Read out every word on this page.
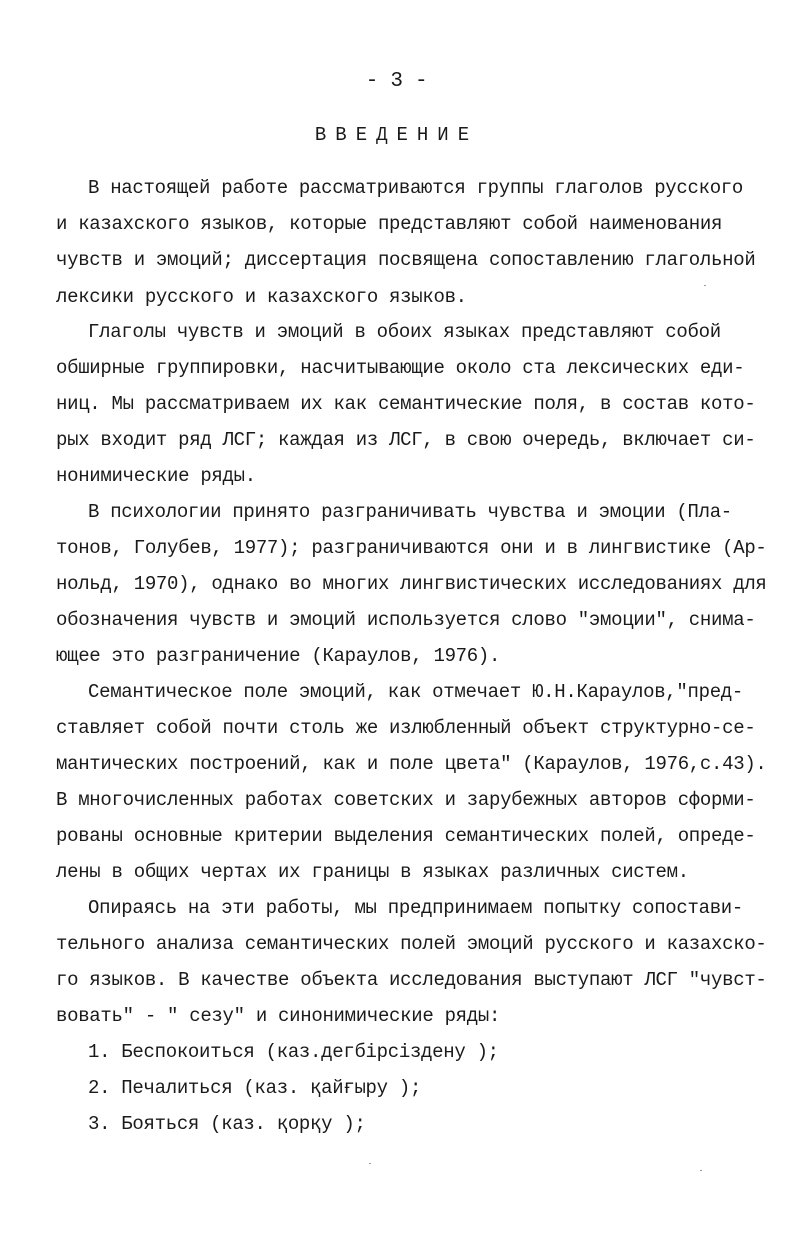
- 3 -
ВВЕДЕНИЕ
В настоящей работе рассматриваются группы глаголов русского
и казахского языков, которые представляют собой наименования
чувств и эмоций; диссертация посвящена сопоставлению глагольной
лексики русского и казахского языков.
Глаголы чувств и эмоций в обоих языках представляют собой
обширные группировки, насчитывающие около ста лексических еди-
ниц. Мы рассматриваем их как семантические поля, в состав кото-
рых входит ряд ЛСГ; каждая из ЛСГ, в свою очередь, включает си-
нонимические ряды.
В психологии принято разграничивать чувства и эмоции (Пла-
тонов, Голубев, 1977); разграничиваются они и в лингвистике (Ар-
нольд, 1970), однако во многих лингвистических исследованиях для
обозначения чувств и эмоций используется слово "эмоции", снима-
ющее это разграничение (Караулов, 1976).
Семантическое поле эмоций, как отмечает Ю.Н.Караулов,"пред-
ставляет собой почти столь же излюбленный объект структурно-се-
мантических построений, как и поле цвета" (Караулов, 1976,с.43).
В многочисленных работах советских и зарубежных авторов сформи-
рованы основные критерии выделения семантических полей, опреде-
лены в общих чертах их границы в языках различных систем.
Опираясь на эти работы, мы предпринимаем попытку сопостави-
тельного анализа семантических полей эмоций русского и казахско-
го языков. В качестве объекта исследования выступают ЛСГ "чувст-
вовать" - " сезу" и синонимические ряды:
1. Беспокоиться (каз.дегбірсізденy );
2. Печалиться (каз. қайғыру );
3. Бояться (каз. қорқу );
